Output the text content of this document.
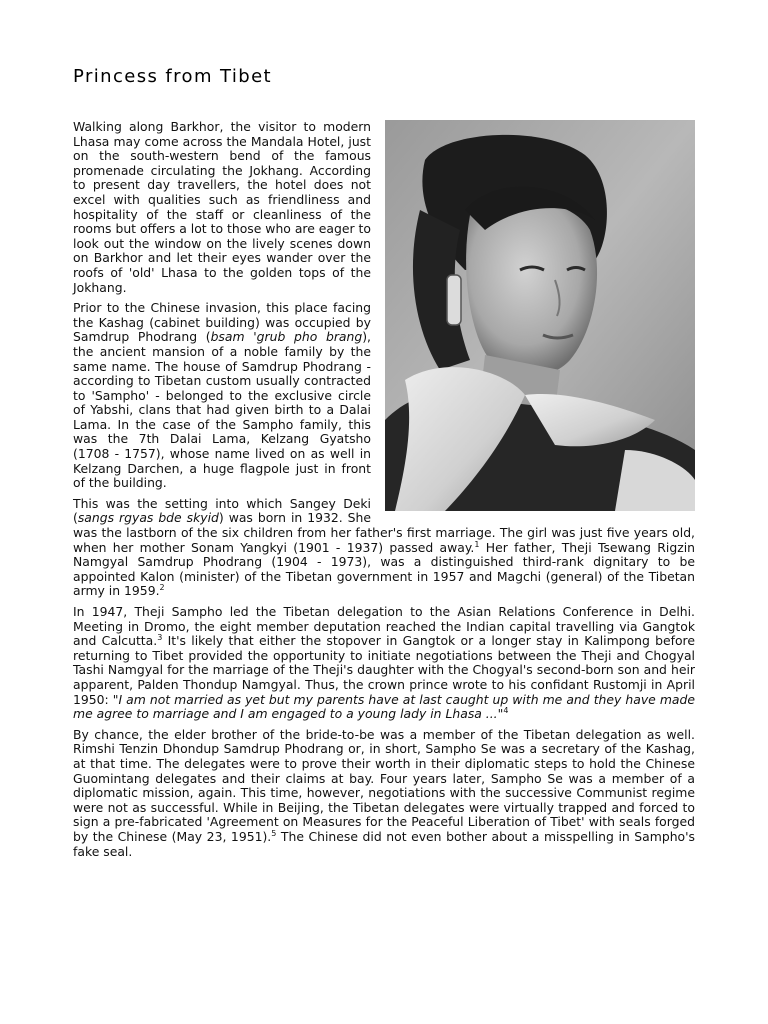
Princess from Tibet

Walking along Barkhor, the visitor to modern Lhasa may come across the Mandala Hotel, just on the south-western bend of the famous promenade circulating the Jokhang. According to present day travellers, the hotel does not excel with qualities such as friendliness and hospitality of the staff or cleanliness of the rooms but offers a lot to those who are eager to look out the window on the lively scenes down on Barkhor and let their eyes wander over the roofs of 'old' Lhasa to the golden tops of the Jokhang.

Prior to the Chinese invasion, this place facing the Kashag (cabinet building) was occupied by Samdrup Phodrang (bsam 'grub pho brang), the ancient mansion of a noble family by the same name. The house of Samdrup Phodrang - according to Tibetan custom usually contracted to 'Sampho' - belonged to the exclusive circle of Yabshi, clans that had given birth to a Dalai Lama. In the case of the Sampho family, this was the 7th Dalai Lama, Kelzang Gyatsho (1708 - 1757), whose name lived on as well in Kelzang Darchen, a huge flagpole just in front of the building.

This was the setting into which Sangey Deki (sangs rgyas bde skyid) was born in 1932. She was the lastborn of the six children from her father's first marriage. The girl was just five years old, when her mother Sonam Yangkyi (1901 - 1937) passed away.$^1$ Her father, Theji Tsewang Rigzin Namgyal Samdrup Phodrang (1904 - 1973), was a distinguished third-rank dignitary to be appointed Kalon (minister) of the Tibetan government in 1957 and Magchi (general) of the Tibetan army in 1959.$^2$

In 1947, Theji Sampho led the Tibetan delegation to the Asian Relations Conference in Delhi. Meeting in Dromo, the eight member deputation reached the Indian capital travelling via Gangtok and Calcutta.$^3$ It's likely that either the stopover in Gangtok or a longer stay in Kalimpong before returning to Tibet provided the opportunity to initiate negotiations between the Theji and Chogyal Tashi Namgyal for the marriage of the Theji's daughter with the Chogyal's second-born son and heir apparent, Palden Thondup Namgyal. Thus, the crown prince wrote to his confidant Rustomji in April 1950: "I am not married as yet but my parents have at last caught up with me and they have made me agree to marriage and I am engaged to a young lady in Lhasa ..."$^4$

By chance, the elder brother of the bride-to-be was a member of the Tibetan delegation as well. Rimshi Tenzin Dhondup Samdrup Phodrang or, in short, Sampho Se was a secretary of the Kashag, at that time. The delegates were to prove their worth in their diplomatic steps to hold the Chinese Guomintang delegates and their claims at bay. Four years later, Sampho Se was a member of a diplomatic mission, again. This time, however, negotiations with the successive Communist regime were not as successful. While in Beijing, the Tibetan delegates were virtually trapped and forced to sign a pre-fabricated 'Agreement on Measures for the Peaceful Liberation of Tibet' with seals forged by the Chinese (May 23, 1951).$^5$ The Chinese did not even bother about a misspelling in Sampho's fake seal.
